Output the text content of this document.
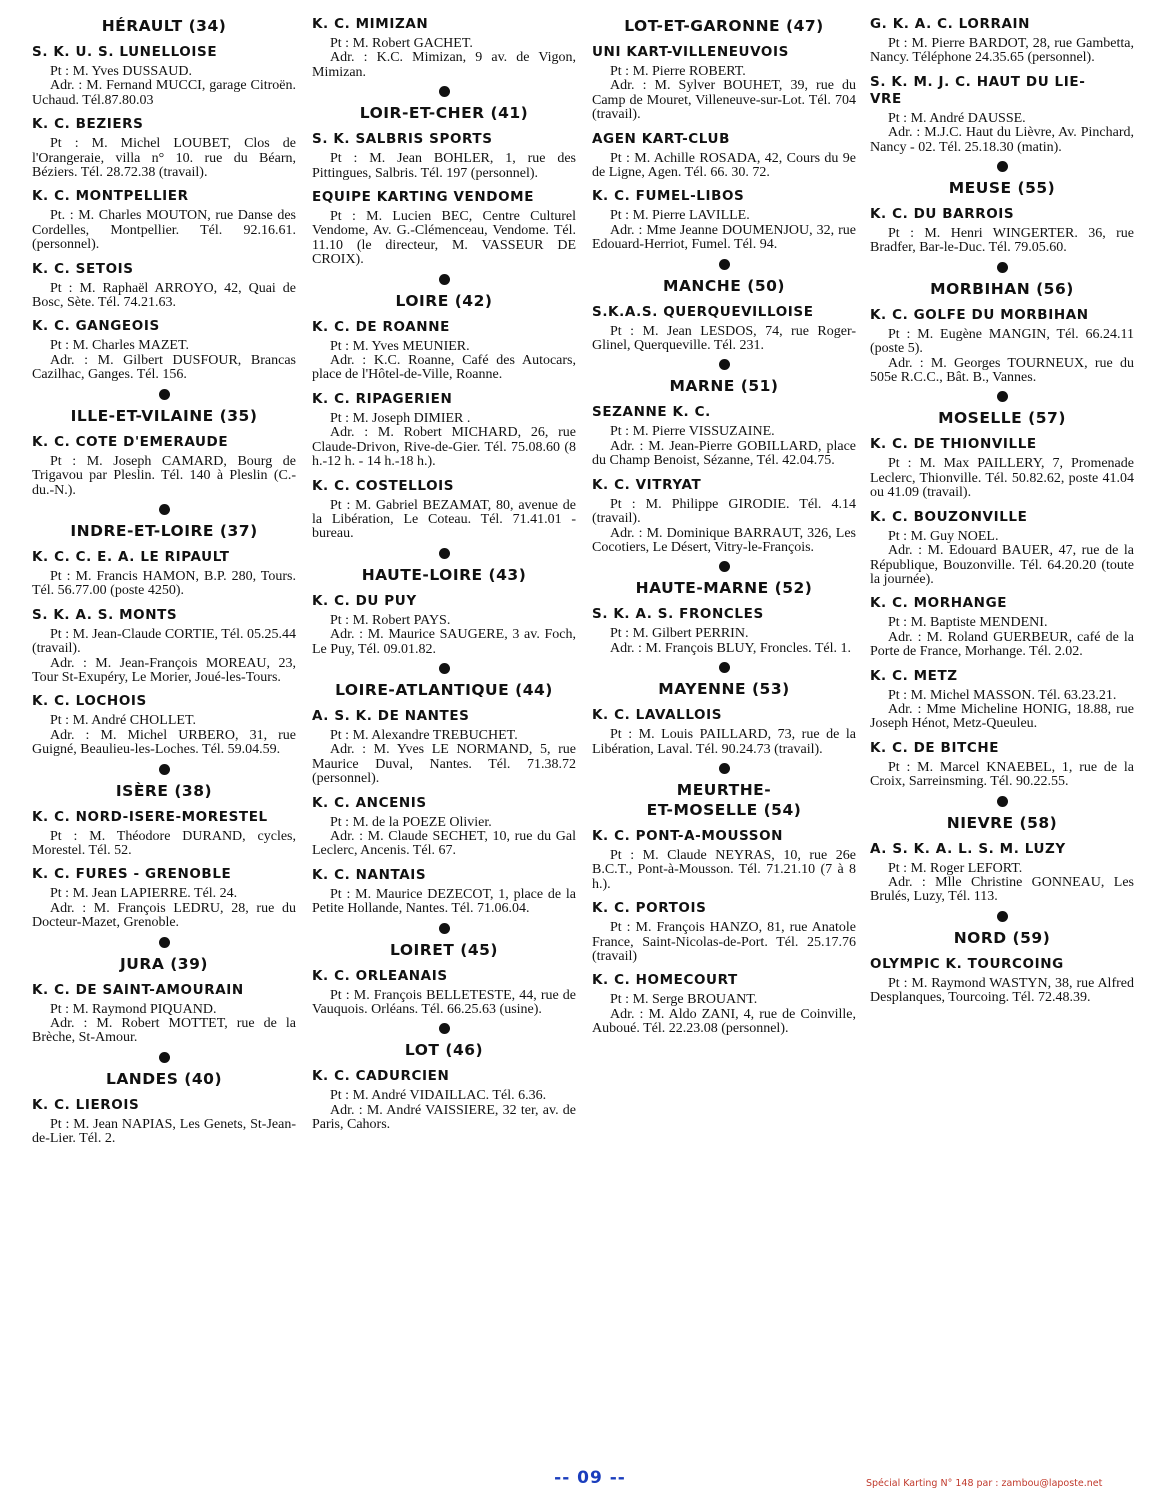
HÉRAULT (34)
S. K. U. S. LUNELLOISE

Pt : M. Yves DUSSAUD.

Adr. : M. Fernand MUCCI, garage Citroën. Uchaud. Tél.87.80.03

K. C. BEZIERS

Pt : M. Michel LOUBET, Clos de l'Orangeraie, villa n° 10. rue du Béarn, Béziers. Tél. 28.72.38 (travail).

K. C. MONTPELLIER

Pt. : M. Charles MOUTON, rue Danse des Cordelles, Montpellier. Tél. 92.16.61. (personnel).

K. C. SETOIS

Pt : M. Raphaël ARROYO, 42, Quai de Bosc, Sète. Tél. 74.21.63.

K. C. GANGEOIS

Pt : M. Charles MAZET.

Adr. : M. Gilbert DUSFOUR, Brancas Cazilhac, Ganges. Tél. 156.

ILLE-ET-VILAINE (35)
K. C. COTE D'EMERAUDE

Pt : M. Joseph CAMARD, Bourg de Trigavou par Pleslin. Tél. 140 à Pleslin (C.-du.-N.).

INDRE-ET-LOIRE (37)
K. C. C. E. A. LE RIPAULT

Pt : M. Francis HAMON, B.P. 280, Tours. Tél. 56.77.00 (poste 4250).

S. K. A. S. MONTS

Pt : M. Jean-Claude CORTIE, Tél. 05.25.44 (travail).

Adr. : M. Jean-François MOREAU, 23, Tour St-Exupéry, Le Morier, Joué-les-Tours.

K. C. LOCHOIS

Pt : M. André CHOLLET.

Adr. : M. Michel URBERO, 31, rue Guigné, Beaulieu-les-Loches. Tél. 59.04.59.

ISÈRE (38)
K. C. NORD-ISERE-MORESTEL

Pt : M. Théodore DURAND, cycles, Morestel. Tél. 52.

K. C. FURES - GRENOBLE

Pt : M. Jean LAPIERRE. Tél. 24.

Adr. : M. François LEDRU, 28, rue du Docteur-Mazet, Grenoble.

JURA (39)
K. C. DE SAINT-AMOURAIN

Pt : M. Raymond PIQUAND.

Adr. : M. Robert MOTTET, rue de la Brèche, St-Amour.

LANDES (40)
K. C. LIEROIS

Pt : M. Jean NAPIAS, Les Genets, St-Jean-de-Lier. Tél. 2.

K. C. MIMIZAN

Pt : M. Robert GACHET.

Adr. : K.C. Mimizan, 9 av. de Vigon, Mimizan.

LOIR-ET-CHER (41)
S. K. SALBRIS SPORTS

Pt : M. Jean BOHLER, 1, rue des Pittingues, Salbris. Tél. 197 (personnel).

EQUIPE KARTING VENDOME

Pt : M. Lucien BEC, Centre Culturel Vendome, Av. G.-Clémenceau, Vendome. Tél. 11.10 (le directeur, M. VASSEUR DE CROIX).

LOIRE (42)
K. C. DE ROANNE

Pt : M. Yves MEUNIER.

Adr. : K.C. Roanne, Café des Autocars, place de l'Hôtel-de-Ville, Roanne.

K. C. RIPAGERIEN

Pt : M. Joseph DIMIER .

Adr. : M. Robert MICHARD, 26, rue Claude-Drivon, Rive-de-Gier. Tél. 75.08.60 (8 h.-12 h. - 14 h.-18 h.).

K. C. COSTELLOIS

Pt : M. Gabriel BEZAMAT, 80, avenue de la Libération, Le Coteau. Tél. 71.41.01 - bureau.

HAUTE-LOIRE (43)
K. C. DU PUY

Pt : M. Robert PAYS.

Adr. : M. Maurice SAUGERE, 3 av. Foch, Le Puy, Tél. 09.01.82.

LOIRE-ATLANTIQUE (44)
A. S. K. DE NANTES

Pt : M. Alexandre TREBUCHET.

Adr. : M. Yves LE NORMAND, 5, rue Maurice Duval, Nantes. Tél. 71.38.72 (personnel).

K. C. ANCENIS

Pt : M. de la POEZE Olivier.

Adr. : M. Claude SECHET, 10, rue du Gal Leclerc, Ancenis. Tél. 67.

K. C. NANTAIS

Pt : M. Maurice DEZECOT, 1, place de la Petite Hollande, Nantes. Tél. 71.06.04.

LOIRET (45)
K. C. ORLEANAIS

Pt : M. François BELLETESTE, 44, rue de Vauquois. Orléans. Tél. 66.25.63 (usine).

LOT (46)
K. C. CADURCIEN

Pt : M. André VIDAILLAC. Tél. 6.36.

Adr. : M. André VAISSIERE, 32 ter, av. de Paris, Cahors.

LOT-ET-GARONNE (47)
UNI KART-VILLENEUVOIS

Pt : M. Pierre ROBERT.

Adr. : M. Sylver BOUHET, 39, rue du Camp de Mouret, Villeneuve-sur-Lot. Tél. 704 (travail).

AGEN KART-CLUB

Pt : M. Achille ROSADA, 42, Cours du 9e de Ligne, Agen. Tél. 66. 30. 72.

K. C. FUMEL-LIBOS

Pt : M. Pierre LAVILLE.

Adr. : Mme Jeanne DOUMENJOU, 32, rue Edouard-Herriot, Fumel. Tél. 94.

MANCHE (50)
S.K.A.S. QUERQUEVILLOISE

Pt : M. Jean LESDOS, 74, rue Roger-Glinel, Querqueville. Tél. 231.

MARNE (51)
SEZANNE K. C.

Pt : M. Pierre VISSUZAINE.

Adr. : M. Jean-Pierre GOBILLARD, place du Champ Benoist, Sézanne, Tél. 42.04.75.

K. C. VITRYAT

Pt : M. Philippe GIRODIE. Tél. 4.14 (travail).

Adr. : M. Dominique BARRAUT, 326, Les Cocotiers, Le Désert, Vitry-le-François.

HAUTE-MARNE (52)
S. K. A. S. FRONCLES

Pt : M. Gilbert PERRIN.

Adr. : M. François BLUY, Froncles. Tél. 1.

MAYENNE (53)
K. C. LAVALLOIS

Pt : M. Louis PAILLARD, 73, rue de la Libération, Laval. Tél. 90.24.73 (travail).

MEURTHE-
ET-MOSELLE (54)
K. C. PONT-A-MOUSSON

Pt : M. Claude NEYRAS, 10, rue 26e B.C.T., Pont-à-Mousson. Tél. 71.21.10 (7 à 8 h.).

K. C. PORTOIS

Pt : M. François HANZO, 81, rue Anatole France, Saint-Nicolas-de-Port. Tél. 25.17.76 (travail)

K. C. HOMECOURT

Pt : M. Serge BROUANT.

Adr. : M. Aldo ZANI, 4, rue de Coinville, Auboué. Tél. 22.23.08 (personnel).

G. K. A. C. LORRAIN

Pt : M. Pierre BARDOT, 28, rue Gambetta, Nancy. Téléphone 24.35.65 (personnel).

S. K. M. J. C. HAUT DU LIE-
VRE

Pt : M. André DAUSSE.

Adr. : M.J.C. Haut du Lièvre, Av. Pinchard, Nancy - 02. Tél. 25.18.30 (matin).

MEUSE (55)
K. C. DU BARROIS

Pt : M. Henri WINGERTER. 36, rue Bradfer, Bar-le-Duc. Tél. 79.05.60.

MORBIHAN (56)
K. C. GOLFE DU MORBIHAN

Pt : M. Eugène MANGIN, Tél. 66.24.11 (poste 5).

Adr. : M. Georges TOURNEUX, rue du 505e R.C.C., Bât. B., Vannes.

MOSELLE (57)
K. C. DE THIONVILLE

Pt : M. Max PAILLERY, 7, Promenade Leclerc, Thionville. Tél. 50.82.62, poste 41.04 ou 41.09 (travail).

K. C. BOUZONVILLE

Pt : M. Guy NOEL.

Adr. : M. Edouard BAUER, 47, rue de la République, Bouzonville. Tél. 64.20.20 (toute la journée).

K. C. MORHANGE

Pt : M. Baptiste MENDENI.

Adr. : M. Roland GUERBEUR, café de la Porte de France, Morhange. Tél. 2.02.

K. C. METZ

Pt : M. Michel MASSON. Tél. 63.23.21.

Adr. : Mme Micheline HONIG, 18.88, rue Joseph Hénot, Metz-Queuleu.

K. C. DE BITCHE

Pt : M. Marcel KNAEBEL, 1, rue de la Croix, Sarreinsming. Tél. 90.22.55.

NIEVRE (58)
A. S. K. A. L. S. M. LUZY

Pt : M. Roger LEFORT.

Adr. : Mlle Christine GONNEAU, Les Brulés, Luzy, Tél. 113.

NORD (59)
OLYMPIC K. TOURCOING

Pt : M. Raymond WASTYN, 38, rue Alfred Desplanques, Tourcoing. Tél. 72.48.39.

-- 09 --	Spécial Karting N° 148 par : zambou@laposte.net
